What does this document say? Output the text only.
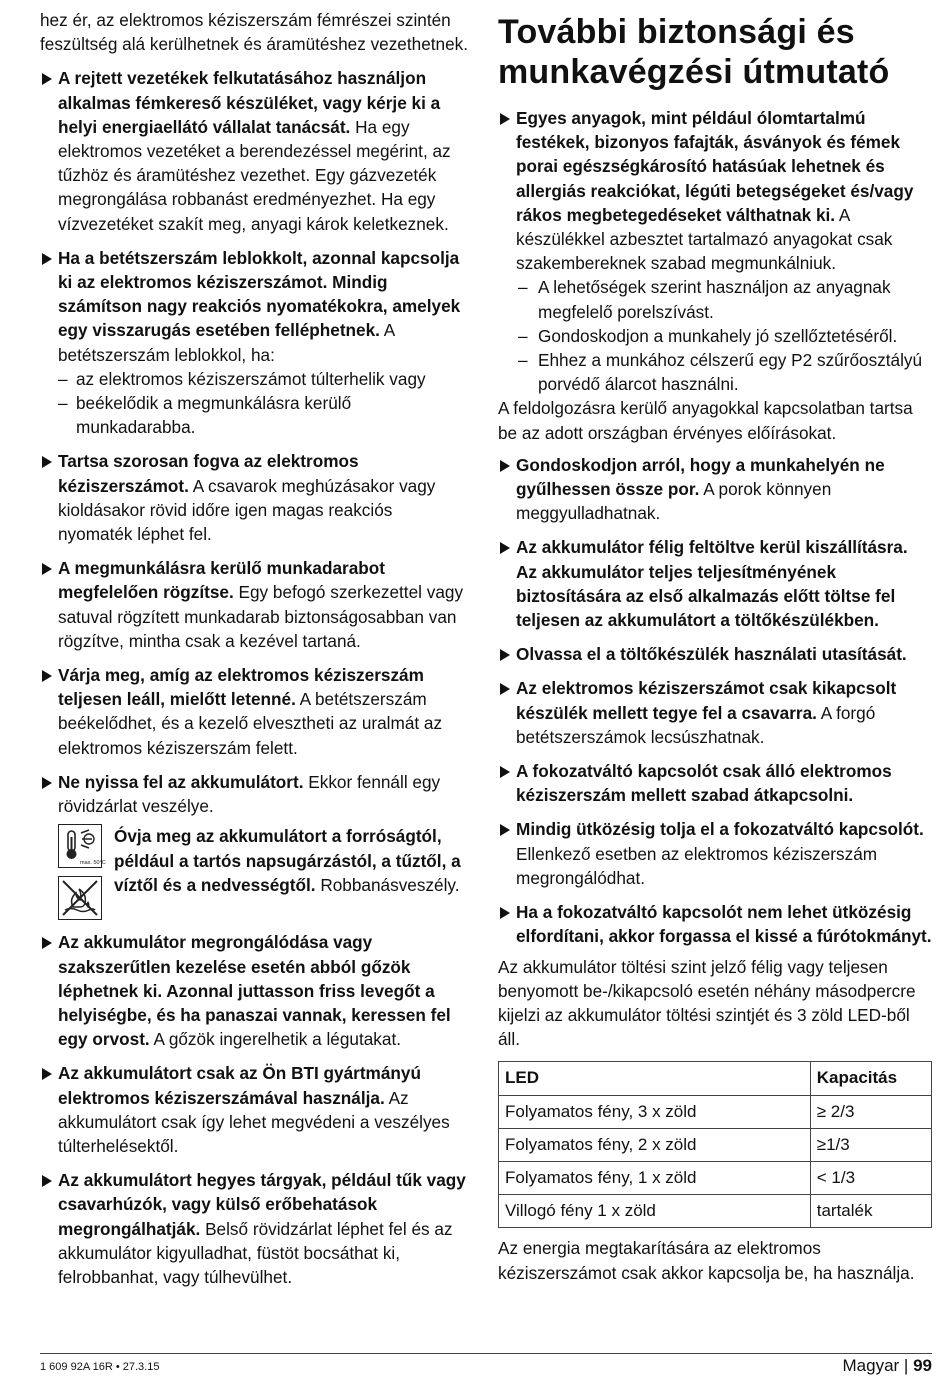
hez ér, az elektromos kéziszerszám fémrészei szintén feszültség alá kerülhetnek és áramütéshez vezethetnek.

A rejtett vezetékek felkutatásához használjon alkalmas fémkereső készüléket, vagy kérje ki a helyi energiaellátó vállalat tanácsát. Ha egy elektromos vezetéket a berendezéssel megérint, az tűzhöz és áramütéshez vezethet. Egy gázvezeték megrongálása robbanást eredményezhet. Ha egy vízvezetéket szakít meg, anyagi károk keletkeznek.
Ha a betétszerszám leblokkolt, azonnal kapcsolja ki az elektromos kéziszerszámot. Mindig számítson nagy reakciós nyomatékokra, amelyek egy visszarugás esetében felléphetnek. A betétszerszám leblokkol, ha:
– az elektromos kéziszerszámot túlterhelik vagy
– beékelődik a megmunkálásra kerülő munkadarabba.
Tartsa szorosan fogva az elektromos kéziszerszámot. A csavarok meghúzásakor vagy kioldásakor rövid időre igen magas reakciós nyomaték léphet fel.
A megmunkálásra kerülő munkadarabot megfelelően rögzítse. Egy befogó szerkezettel vagy satuval rögzített munkadarab biztonságosabban van rögzítve, mintha csak a kezével tartaná.
Várja meg, amíg az elektromos kéziszerszám teljesen leáll, mielőtt letenné. A betétszerszám beékelődhet, és a kezelő elvesztheti az uralmát az elektromos kéziszerszám felett.
Ne nyissa fel az akkumulátort. Ekkor fennáll egy rövidzárlat veszélye.
max. 50°C
Óvja meg az akkumulátort a forróságtól, például a tartós napsugárzástól, a tűztől, a víztől és a nedvességtől. Robbanásveszély.
Az akkumulátor megrongálódása vagy szakszerűtlen kezelése esetén abból gőzök léphetnek ki. Azonnal juttasson friss levegőt a helyiségbe, és ha panaszai vannak, keressen fel egy orvost. A gőzök ingerelhetik a légutakat.
Az akkumulátort csak az Ön BTI gyártmányú elektromos kéziszerszámával használja. Az akkumulátort csak így lehet megvédeni a veszélyes túlterhelésektől.
Az akkumulátort hegyes tárgyak, például tűk vagy csavarhúzók, vagy külső erőbehatások megrongálhatják. Belső rövidzárlat léphet fel és az akkumulátor kigyulladhat, füstöt bocsáthat ki, felrobbanhat, vagy túlhevülhet.
További biztonsági és munkavégzési útmutató
Egyes anyagok, mint például ólomtartalmú festékek, bizonyos fafajták, ásványok és fémek porai egészségkárosító hatásúak lehetnek és allergiás reakciókat, légúti betegségeket és/vagy rákos megbetegedéseket válthatnak ki. A készülékkel azbesztet tartalmazó anyagokat csak szakembereknek szabad megmunkálniuk.
– A lehetőségek szerint használjon az anyagnak megfelelő porelszívást.
– Gondoskodjon a munkahely jó szellőztetéséről.
– Ehhez a munkához célszerű egy P2 szűrőosztályú porvédő álarcot használni.

A feldolgozásra kerülő anyagokkal kapcsolatban tartsa be az adott országban érvényes előírásokat.

Gondoskodjon arról, hogy a munkahelyén ne gyűlhessen össze por. A porok könnyen meggyulladhatnak.
Az akkumulátor félig feltöltve kerül kiszállításra. Az akkumulátor teljes teljesítményének biztosítására az első alkalmazás előtt töltse fel teljesen az akkumulátort a töltőkészülékben.
Olvassa el a töltőkészülék használati utasítását.
Az elektromos kéziszerszámot csak kikapcsolt készülék mellett tegye fel a csavarra. A forgó betétszerszámok lecsúszhatnak.
A fokozatváltó kapcsolót csak álló elektromos kéziszerszám mellett szabad átkapcsolni.
Mindig ütközésig tolja el a fokozatváltó kapcsolót. Ellenkező esetben az elektromos kéziszerszám megrongálódhat.
Ha a fokozatváltó kapcsolót nem lehet ütközésig elfordítani, akkor forgassa el kissé a fúrótokmányt.

Az akkumulátor töltési szint jelző félig vagy teljesen benyomott be-/kikapcsoló esetén néhány másodpercre kijelzi az akkumulátor töltési szintjét és 3 zöld LED-ből áll.

LED	Kapacitás
Folyamatos fény, 3 x zöld	≥ 2/3
Folyamatos fény, 2 x zöld	≥1/3
Folyamatos fény, 1 x zöld	< 1/3
Villogó fény 1 x zöld	tartalék

Az energia megtakarítására az elektromos kéziszerszámot csak akkor kapcsolja be, ha használja.

1 609 92A 16R • 27.3.15	Magyar | 99
